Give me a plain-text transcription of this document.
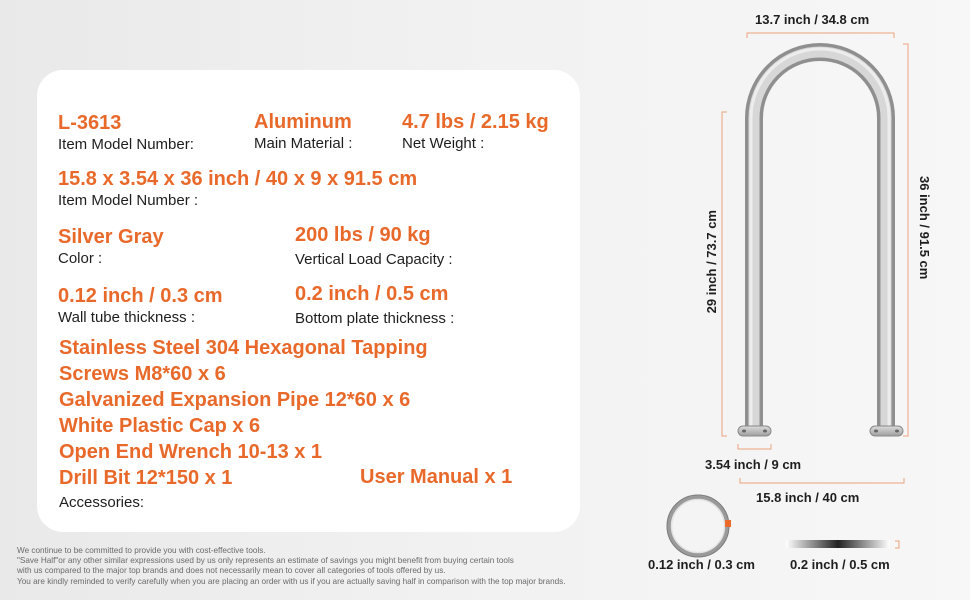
L-3613
Item Model Number:
Aluminum
Main Material :
4.7 lbs / 2.15 kg
Net Weight :
15.8 x 3.54 x 36 inch / 40 x 9 x 91.5 cm
Item Model Number :
Silver Gray
Color :
200 lbs / 90 kg
Vertical Load Capacity :
0.12 inch / 0.3 cm
Wall tube thickness :
0.2 inch / 0.5 cm
Bottom plate thickness :
Stainless Steel 304 Hexagonal Tapping
Screws M8*60 x 6
Galvanized Expansion Pipe 12*60 x 6
White Plastic Cap x 6
Open End Wrench 10-13 x 1
Drill Bit 12*150 x 1
Accessories:
User Manual x 1
We continue to be committed to provide you with cost-effective tools.
"Save Half"or any other similar expressions used by us only represents an estimate of savings you might benefit from buying certain tools
with us compared to the major top brands and does not necessarily mean to cover all categories of tools offered by us.
You are kindly reminded to verify carefully when you are placing an order with us if you are actually saving half in comparison with the top major brands.
13.7 inch / 34.8 cm
36 inch / 91.5 cm
29 inch / 73.7 cm
3.54 inch / 9 cm
15.8 inch / 40 cm
0.12 inch / 0.3 cm	0.2 inch / 0.5 cm
